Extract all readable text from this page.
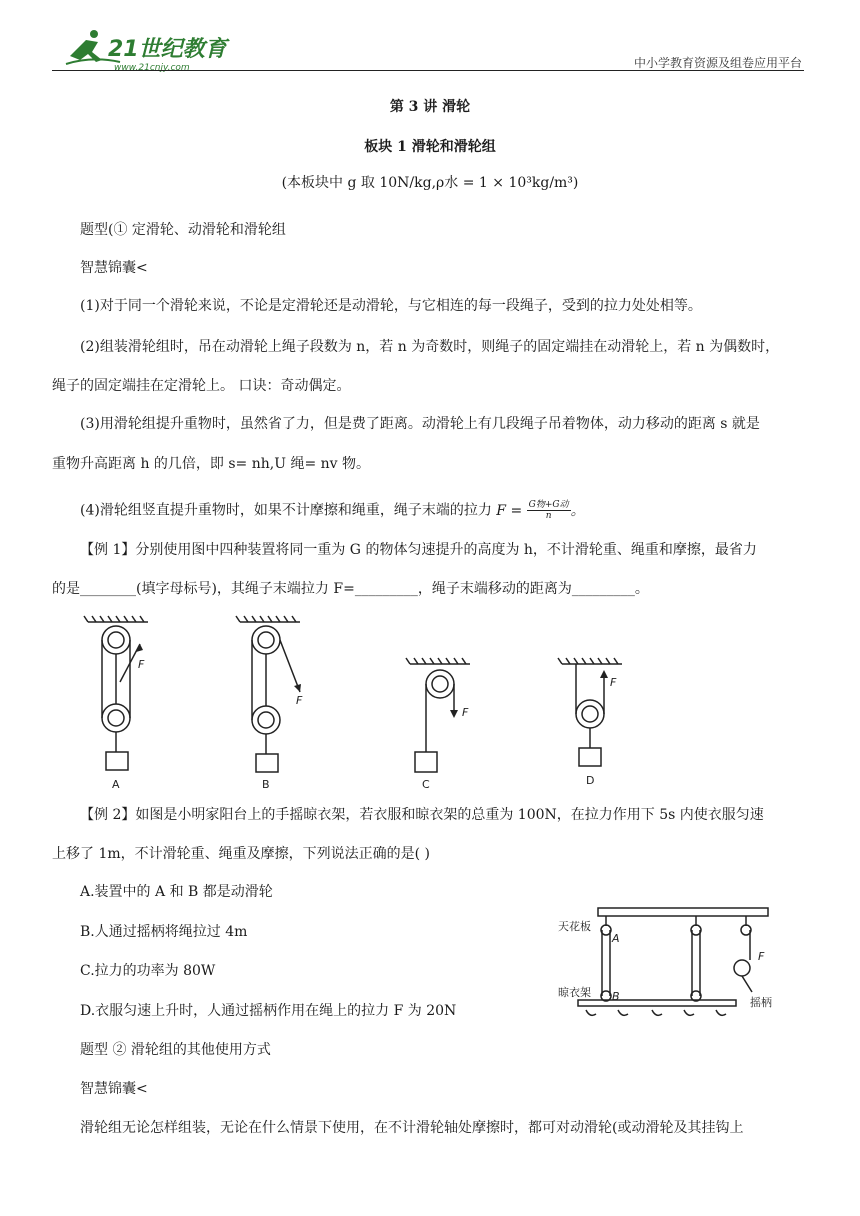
21世纪教育
www.21cnjy.com	中小学教育资源及组卷应用平台
第 3 讲 滑轮
板块 1 滑轮和滑轮组
(本板块中 g 取 10N/kg,ρ水 = 1 × 10³kg/m³)
题型(① 定滑轮、动滑轮和滑轮组
智慧锦囊<
(1)对于同一个滑轮来说，不论是定滑轮还是动滑轮，与它相连的每一段绳子，受到的拉力处处相等。
(2)组装滑轮组时，吊在动滑轮上绳子段数为 n，若 n 为奇数时，则绳子的固定端挂在动滑轮上，若 n 为偶数时，
绳子的固定端挂在定滑轮上。 口诀：奇动偶定。
(3)用滑轮组提升重物时，虽然省了力，但是费了距离。动滑轮上有几段绳子吊着物体，动力移动的距离 s 就是
重物升高距离 h 的几倍，即 s= nh,U 绳= nv 物。
(4)滑轮组竖直提升重物时，如果不计摩擦和绳重，绳子末端的拉力 $F = \frac{\text{G物+G动}}{n}$ 。
【例 1】分别使用图中四种装置将同一重为 G 的物体匀速提升的高度为 h，不计滑轮重、绳重和摩擦，最省力
的是________(填字母标号)，其绳子末端拉力 F=_________，绳子末端移动的距离为_________。
A	B	C	D
F
F
F
F
【例 2】如图是小明家阳台上的手摇晾衣架，若衣服和晾衣架的总重为 100N，在拉力作用下 5s 内使衣服匀速
上移了 1m，不计滑轮重、绳重及摩擦，下列说法正确的是( )
A.装置中的 A 和 B 都是动滑轮
B.人通过摇柄将绳拉过 4m
C.拉力的功率为 80W
D.衣服匀速上升时，人通过摇柄作用在绳上的拉力 F 为 20N
天花板
晾衣架
摇柄
A
B
F
题型 ② 滑轮组的其他使用方式
智慧锦囊<
滑轮组无论怎样组装，无论在什么情景下使用，在不计滑轮轴处摩擦时，都可对动滑轮(或动滑轮及其挂钩上
